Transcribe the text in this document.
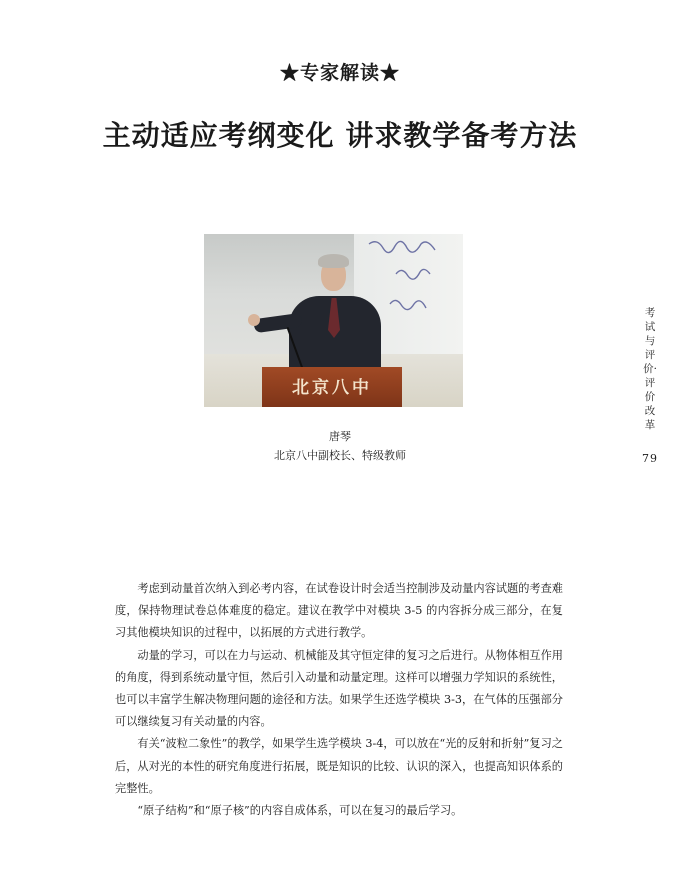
★专家解读★
主动适应考纲变化 讲求教学备考方法
北京八中
唐琴
北京八中副校长、特级教师

考虑到动量首次纳入到必考内容，在试卷设计时会适当控制涉及动量内容试题的考查难度，保持物理试卷总体难度的稳定。建议在教学中对模块 3-5 的内容拆分成三部分，在复习其他模块知识的过程中，以拓展的方式进行教学。

动量的学习，可以在力与运动、机械能及其守恒定律的复习之后进行。从物体相互作用的角度，得到系统动量守恒，然后引入动量和动量定理。这样可以增强力学知识的系统性，也可以丰富学生解决物理问题的途径和方法。如果学生还选学模块 3-3，在气体的压强部分可以继续复习有关动量的内容。

有关“波粒二象性”的教学，如果学生选学模块 3-4，可以放在“光的反射和折射”复习之后，从对光的本性的研究角度进行拓展，既是知识的比较、认识的深入，也提高知识体系的完整性。

“原子结构”和“原子核”的内容自成体系，可以在复习的最后学习。

考试与评价·评价改革
79
